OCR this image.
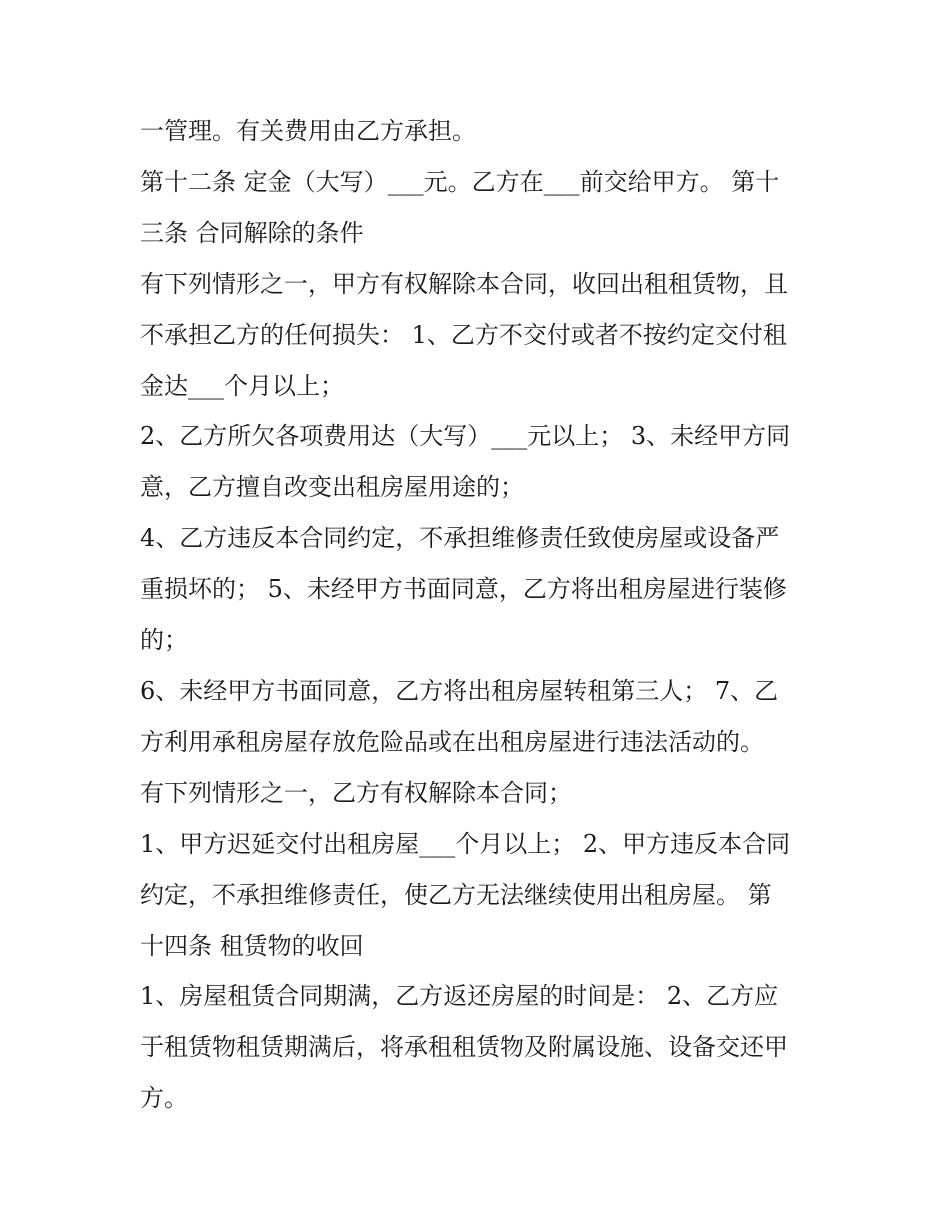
一管理。有关费用由乙方承担。

第十二条 定金（大写）___元。乙方在___前交给甲方。 第十

三条 合同解除的条件

有下列情形之一，甲方有权解除本合同，收回出租租赁物，且

不承担乙方的任何损失： 1、乙方不交付或者不按约定交付租

金达___个月以上；

2、乙方所欠各项费用达（大写）___元以上； 3、未经甲方同

意，乙方擅自改变出租房屋用途的；

4、乙方违反本合同约定，不承担维修责任致使房屋或设备严

重损坏的； 5、未经甲方书面同意，乙方将出租房屋进行装修

的；

6、未经甲方书面同意，乙方将出租房屋转租第三人； 7、乙

方利用承租房屋存放危险品或在出租房屋进行违法活动的。

有下列情形之一，乙方有权解除本合同；

1、甲方迟延交付出租房屋___个月以上； 2、甲方违反本合同

约定，不承担维修责任，使乙方无法继续使用出租房屋。 第

十四条 租赁物的收回

1、房屋租赁合同期满，乙方返还房屋的时间是： 2、乙方应

于租赁物租赁期满后，将承租租赁物及附属设施、设备交还甲

方。
